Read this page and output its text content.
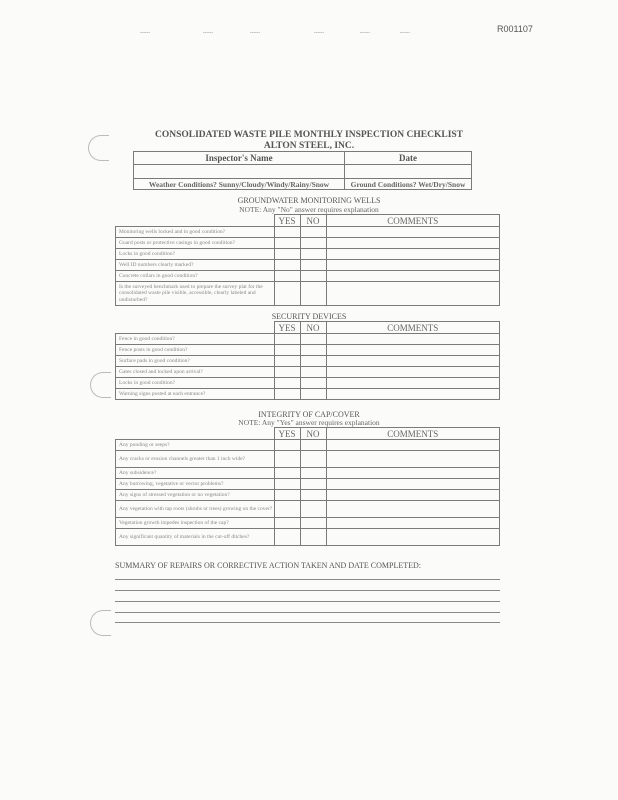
------	------	------	------	------	------	R001107
CONSOLIDATED WASTE PILE MONTHLY INSPECTION CHECKLIST
ALTON STEEL, INC.
Inspector's Name	Date

Weather Conditions? Sunny/Cloudy/Windy/Rainy/Snow	Ground Conditions? Wet/Dry/Snow
GROUNDWATER MONITORING WELLS
NOTE: Any "No" answer requires explanation
	YES	NO	COMMENTS
Monitoring wells locked and in good condition?			
Guard posts or protective casings in good condition?			
Locks in good condition?			
Well ID numbers clearly marked?			
Concrete collars in good condition?			
Is the surveyed benchmark used to prepare the survey plat for the consolidated waste pile visible, accessible, clearly labeled and undisturbed?			
SECURITY DEVICES
	YES	NO	COMMENTS
Fence in good condition?			
Fence posts in good condition?			
Surface pads in good condition?			
Gates closed and locked upon arrival?			
Locks in good condition?			
Warning signs posted at each entrance?			
INTEGRITY OF CAP/COVER
NOTE: Any "Yes" answer requires explanation
	YES	NO	COMMENTS
Any ponding or seeps?			
Any cracks or erosion channels greater than 1 inch wide?			
Any subsidence?			
Any burrowing, vegetative or vector problems?			
Any signs of stressed vegetation or no vegetation?			
Any vegetation with tap roots (shrubs or trees) growing on the cover?			
Vegetation growth impedes inspection of the cap?			
Any significant quantity of materials in the cut-off ditches?			
SUMMARY OF REPAIRS OR CORRECTIVE ACTION TAKEN AND DATE COMPLETED:
